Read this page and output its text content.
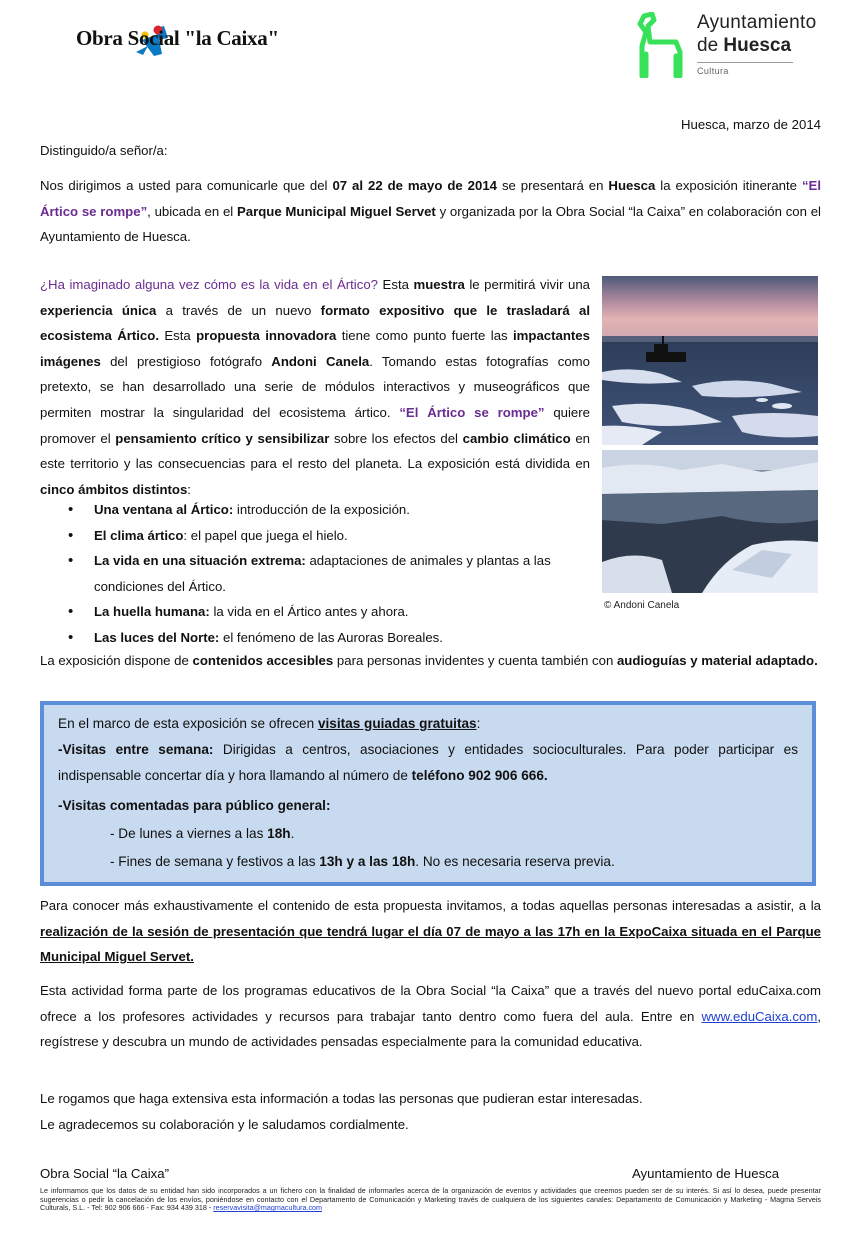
Obra Social "la Caixa"
Ayuntamiento
de Huesca
Cultura
Huesca, marzo de 2014
Distinguido/a señor/a:

Nos dirigimos a usted para comunicarle que del 07 al 22 de mayo de 2014 se presentará en Huesca la exposición itinerante “El Ártico se rompe”, ubicada en el Parque Municipal Miguel Servet y organizada por la Obra Social “la Caixa” en colaboración con el Ayuntamiento de Huesca.

¿Ha imaginado alguna vez cómo es la vida en el Ártico? Esta muestra le permitirá vivir una experiencia única a través de un nuevo formato expositivo que le trasladará al ecosistema Ártico. Esta propuesta innovadora tiene como punto fuerte las impactantes imágenes del prestigioso fotógrafo Andoni Canela. Tomando estas fotografías como pretexto, se han desarrollado una serie de módulos interactivos y museográficos que permiten mostrar la singularidad del ecosistema ártico. “El Ártico se rompe” quiere promover el pensamiento crítico y sensibilizar sobre los efectos del cambio climático en este territorio y las consecuencias para el resto del planeta. La exposición está dividida en cinco ámbitos distintos:

• Una ventana al Ártico: introducción de la exposición.
• El clima ártico: el papel que juega el hielo.
• La vida en una situación extrema: adaptaciones de animales y plantas a las condiciones del Ártico.
• La huella humana: la vida en el Ártico antes y ahora.
• Las luces del Norte: el fenómeno de las Auroras Boreales.
© Andoni Canela

La exposición dispone de contenidos accesibles para personas invidentes y cuenta también con audioguías y material adaptado.

En el marco de esta exposición se ofrecen visitas guiadas gratuitas:
-Visitas entre semana: Dirigidas a centros, asociaciones y entidades socioculturales. Para poder participar es indispensable concertar día y hora llamando al número de teléfono 902 906 666.
-Visitas comentadas para público general:
- De lunes a viernes a las 18h.
- Fines de semana y festivos a las 13h y a las 18h. No es necesaria reserva previa.

Para conocer más exhaustivamente el contenido de esta propuesta invitamos, a todas aquellas personas interesadas a asistir, a la realización de la sesión de presentación que tendrá lugar el día 07 de mayo a las 17h en la ExpoCaixa situada en el Parque Municipal Miguel Servet.

Esta actividad forma parte de los programas educativos de la Obra Social “la Caixa” que a través del nuevo portal eduCaixa.com ofrece a los profesores actividades y recursos para trabajar tanto dentro como fuera del aula. Entre en www.eduCaixa.com, regístrese y descubra un mundo de actividades pensadas especialmente para la comunidad educativa.

Le rogamos que haga extensiva esta información a todas las personas que pudieran estar interesadas.
Le agradecemos su colaboración y le saludamos cordialmente.
Obra Social “la Caixa”	Ayuntamiento de Huesca
Le informamos que los datos de su entidad han sido incorporados a un fichero con la finalidad de informarles acerca de la organización de eventos y actividades que creemos pueden ser de su interés. Si así lo desea, puede presentar sugerencias o pedir la cancelación de los envíos, poniéndose en contacto con el Departamento de Comunicación y Marketing través de cualquiera de los siguientes canales: Departamento de Comunicación y Marketing - Magma Serveis Culturals, S.L. - Tel: 902 906 666 - Fax: 934 439 318 - reservavisita@magmacultura.com
